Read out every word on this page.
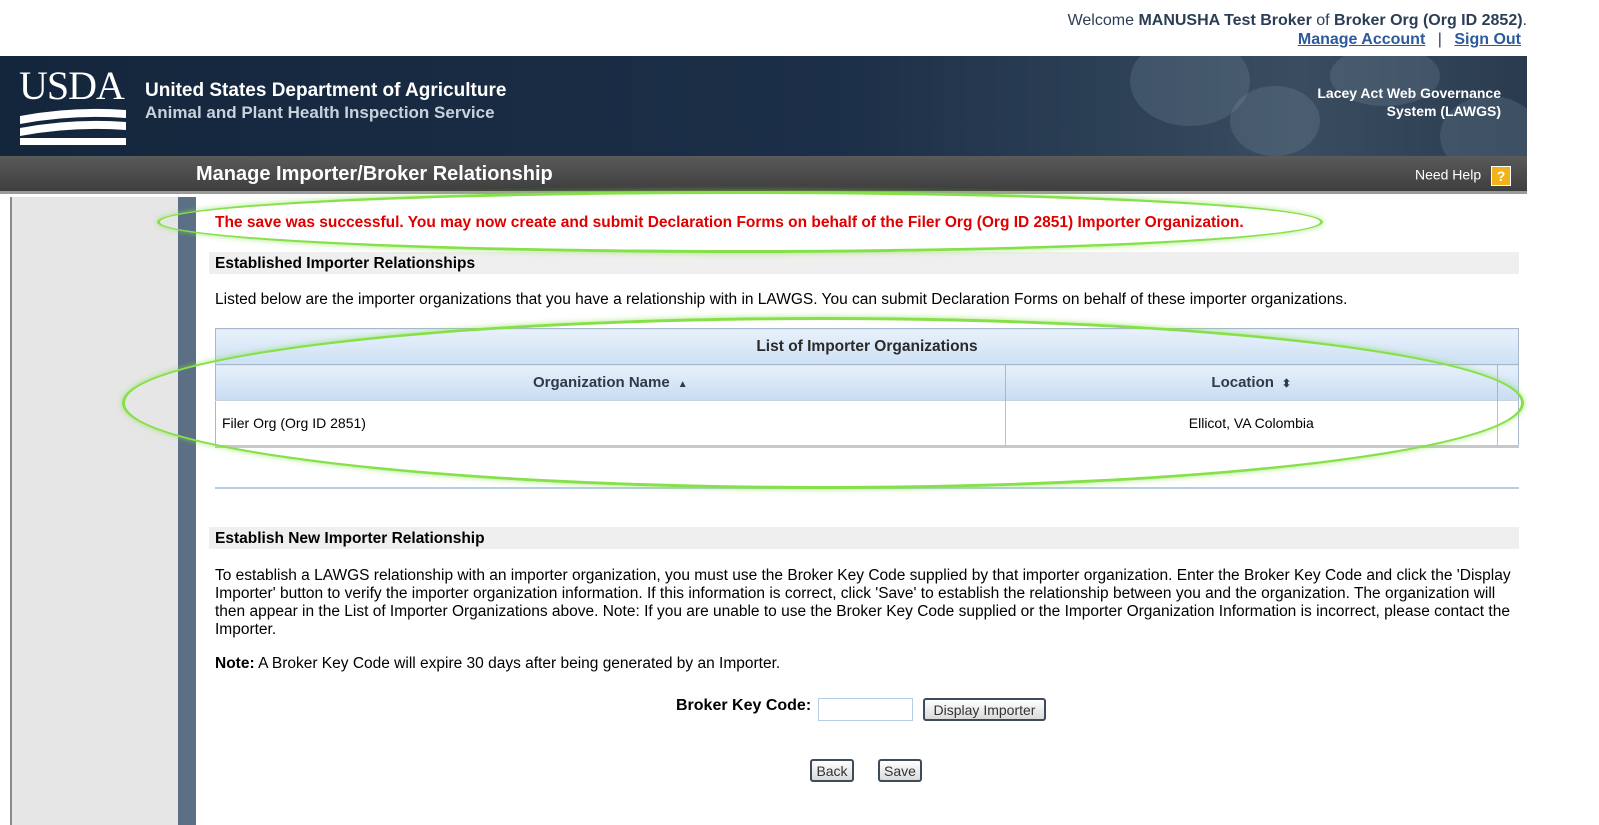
Welcome MANUSHA Test Broker of Broker Org (Org ID 2852).
Manage Account | Sign Out
USDA United States Department of Agriculture
Animal and Plant Health Inspection Service
Lacey Act Web Governance
System (LAWGS)
Manage Importer/Broker Relationship	Need Help ?
The save was successful. You may now create and submit Declaration Forms on behalf of the Filer Org (Org ID 2851) Importer Organization.
Established Importer Relationships
Listed below are the importer organizations that you have a relationship with in LAWGS. You can submit Declaration Forms on behalf of these importer organizations.
List of Importer Organizations		
Organization Name ▲	Location ⬍	
Filer Org (Org ID 2851)	Ellicot, VA Colombia	
Establish New Importer Relationship
To establish a LAWGS relationship with an importer organization, you must use the Broker Key Code supplied by that importer organization. Enter the Broker Key Code and click the 'Display Importer' button to verify the importer organization information. If this information is correct, click 'Save' to establish the relationship between you and the organization. The organization will then appear in the List of Importer Organizations above. Note: If you are unable to use the Broker Key Code supplied or the Importer Organization Information is incorrect, please contact the Importer.
Note: A Broker Key Code will expire 30 days after being generated by an Importer.
Broker Key Code:	Display Importer
Back	Save
